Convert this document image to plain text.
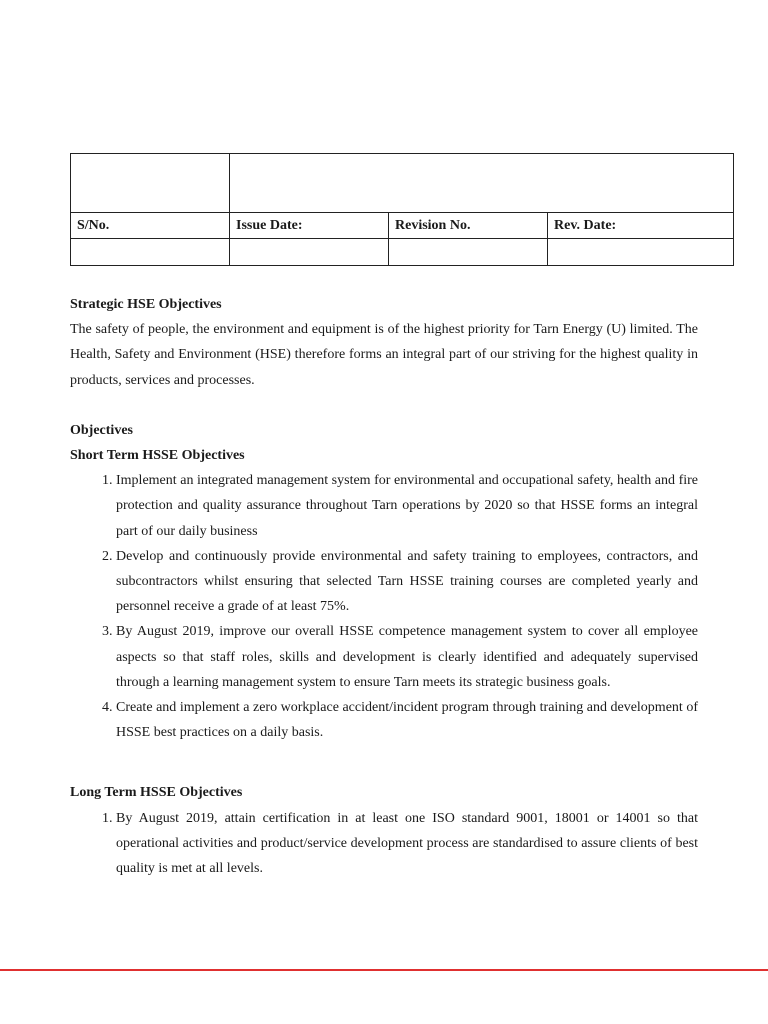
S/No.	Issue Date:	Revision No.	Rev. Date:

Strategic HSE Objectives

The safety of people, the environment and equipment is of the highest priority for Tarn Energy (U) limited. The Health, Safety and Environment (HSE) therefore forms an integral part of our striving for the highest quality in products, services and processes.

Objectives

Short Term HSSE Objectives

1. Implement an integrated management system for environmental and occupational safety, health and fire protection and quality assurance throughout Tarn operations by 2020 so that HSSE forms an integral part of our daily business
2. Develop and continuously provide environmental and safety training to employees, contractors, and subcontractors whilst ensuring that selected Tarn HSSE training courses are completed yearly and personnel receive a grade of at least 75%.
3. By August 2019, improve our overall HSSE competence management system to cover all employee aspects so that staff roles, skills and development is clearly identified and adequately supervised through a learning management system to ensure Tarn meets its strategic business goals.
4. Create and implement a zero workplace accident/incident program through training and development of HSSE best practices on a daily basis.

Long Term HSSE Objectives

1. By August 2019, attain certification in at least one ISO standard 9001, 18001 or 14001 so that operational activities and product/service development process are standardised to assure clients of best quality is met at all levels.
